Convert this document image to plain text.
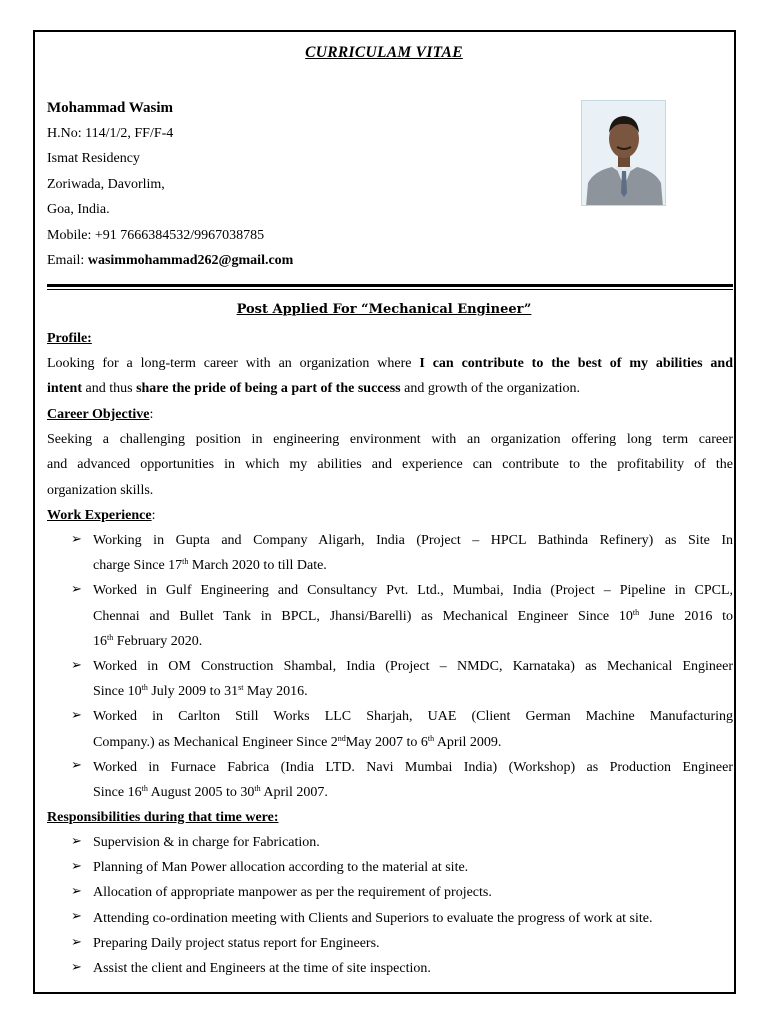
CURRICULAM VITAE
Mohammad Wasim
H.No: 114/1/2, FF/F-4
Ismat Residency
Zoriwada, Davorlim,
Goa, India.
Mobile: +91 7666384532/9967038785
Email: wasimmohammad262@gmail.com
Post Applied For “Mechanical Engineer”
Profile:
Looking for a long-term career with an organization where I can contribute to the best of my abilities and
intent and thus share the pride of being a part of the success and growth of the organization.
Career Objective:
Seeking a challenging position in engineering environment with an organization offering long term career
and advanced opportunities in which my abilities and experience can contribute to the profitability of the
organization skills.
Work Experience:
➢
➢
➢
➢
➢
Working in Gupta and Company Aligarh, India (Project – HPCL Bathinda Refinery) as Site In
charge Since 17th March 2020 to till Date.
Worked in Gulf Engineering and Consultancy Pvt. Ltd., Mumbai, India (Project – Pipeline in CPCL,
Chennai and Bullet Tank in BPCL, Jhansi/Barelli) as Mechanical Engineer Since 10th June 2016 to
16th February 2020.
Worked in OM Construction Shambal, India (Project – NMDC, Karnataka) as Mechanical Engineer
Since 10th July 2009 to 31st May 2016.
Worked in Carlton Still Works LLC Sharjah, UAE (Client German Machine Manufacturing
Company.) as Mechanical Engineer Since 2ndMay 2007 to 6th April 2009.
Worked in Furnace Fabrica (India LTD. Navi Mumbai India) (Workshop) as Production Engineer
Since 16th August 2005 to 30th April 2007.
Responsibilities during that time were:
➢
➢
➢
➢
➢
➢
Supervision & in charge for Fabrication.
Planning of Man Power allocation according to the material at site.
Allocation of appropriate manpower as per the requirement of projects.
Attending co-ordination meeting with Clients and Superiors to evaluate the progress of work at site.
Preparing Daily project status report for Engineers.
Assist the client and Engineers at the time of site inspection.
